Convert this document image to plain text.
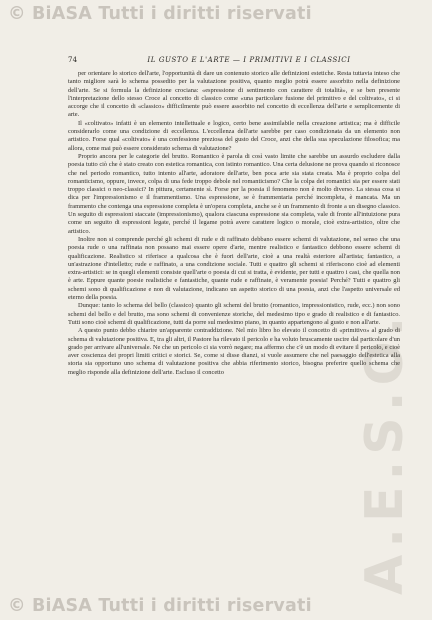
© BiASA Tutti i diritti riservati
A.E.S.O.
74	IL GUSTO E L'ARTE — I PRIMITIVI E I CLASSICI

per orientare lo storico dell'arte, l'opportunità di dare un contenuto storico alle definizioni estetiche. Resta tuttavia inteso che tanto migliore sarà lo schema possedito per la valutazione positiva, quanto meglio potrà essere assorbito nella definizione dell'arte. Se si formula la definizione crociana: «espressione di sentimento con carattere di totalità», e se ben presente l'interpretazione dello stesso Croce al concetto di classico come «una particolare fusione del primitivo e del coltivato», ci si accorge che il concetto di «classico» difficilmente può essere assorbito nel concetto di eccellenza dell'arte e semplicemente di arte.

Il «coltivato» infatti è un elemento intellettuale e logico, certo bene assimilabile nella creazione artistica; ma è difficile considerarlo come una condizione di eccellenza. L'eccellenza dell'arte sarebbe per caso condizionata da un elemento non artistico. Forse qual «coltivato» è una confessione preziosa del gusto del Croce, anzi che della sua speculazione filosofica; ma allora, come mai può essere considerato schema di valutazione?

Proprio ancora per le categorie del brutto. Romantico è parola di così vasto limite che sarebbe un assurdo escludere dalla poesia tutto ciò che è stato creato con estetica romantica, con istinto romantico. Una certa delusione ne prova quando si riconosce che nel periodo romantico, tutto intento all'arte, adoratore dell'arte, ben poca arte sia stata creata. Ma è proprio colpa del romanticismo, oppure, invece, colpa di una fede troppo debole nel romanticismo? Che la colpa dei romantici sia per essere stati troppo classici o neo-classici? In pittura, certamente sì. Forse per la poesia il fenomeno non è molto diverso. La stessa cosa si dica per l'impressionismo e il frammentismo. Una espressione, se è frammentaria perché incompleta, è mancata. Ma un frammento che contenga una espressione completa è un'opera completa, anche se è un frammento di fronte a un disegno classico. Un seguito di espressioni staccate (impressionismo), qualora ciascuna espressione sia completa, vale di fronte all'intuizione pura come un seguito di espressioni legate, perché il legame potrà avere carattere logico o morale, cioè extra-artistico, oltre che artistico.

Inoltre non si comprende perché gli schemi di rude e di raffinato debbano essere schemi di valutazione, nel senso che una poesia rude o una raffinata non possano mai essere opere d'arte, mentre realistico e fantastico debbono essere schemi di qualificazione. Realistico si riferisce a qualcosa che è fuori dell'arte, cioè a una realtà esteriore all'artista; fantastico, a un'astrazione d'intelletto; rude e raffinato, a una condizione sociale. Tutti e quattro gli schemi si riferiscono cioè ad elementi extra-artistici: se in quegli elementi consiste quell'arte o poesia di cui si tratta, è evidente, per tutti e quattro i casi, che quella non è arte. Eppure quante poesie realistiche e fantastiche, quante rude e raffinate, è veramente poesia! Perché? Tutti e quattro gli schemi sono di qualificazione e non di valutazione, indicano un aspetto storico di una poesia, anzi che l'aspetto universale ed eterno della poesia.

Dunque: tanto lo schema del bello (classico) quanto gli schemi del brutto (romantico, impressionistico, rude, ecc.) non sono schemi del bello e del brutto, ma sono schemi di convenienze storiche, del medesimo tipo e grado di realistico e di fantastico. Tutti sono cioè schemi di qualificazione, tutti da porre sul medesimo piano, in quanto appartengono al gusto e non all'arte.

A questo punto debbo chiarire un'apparente contraddizione. Nel mio libro ho elevato il concetto di «primitivo» al grado di schema di valutazione positiva. E, tra gli altri, il Pastore ha rilevato il pericolo e ha voluto bruscamente uscire dal particolare d'un grado per arrivare all'universale. Ne che un pericolo ci sia vorrò negare; ma affermo che c'è un modo di evitare il pericolo, e cioè aver coscienza dei propri limiti critici e storici. Se, come si disse dianzi, si vuole assumere che nel paesaggio dell'estetica alla storia sia opportuno uno schema di valutazione positiva che abbia riferimento storico, bisogna preferire quello schema che meglio risponde alla definizione dell'arte. Escluso il concetto

© BiASA Tutti i diritti riservati
